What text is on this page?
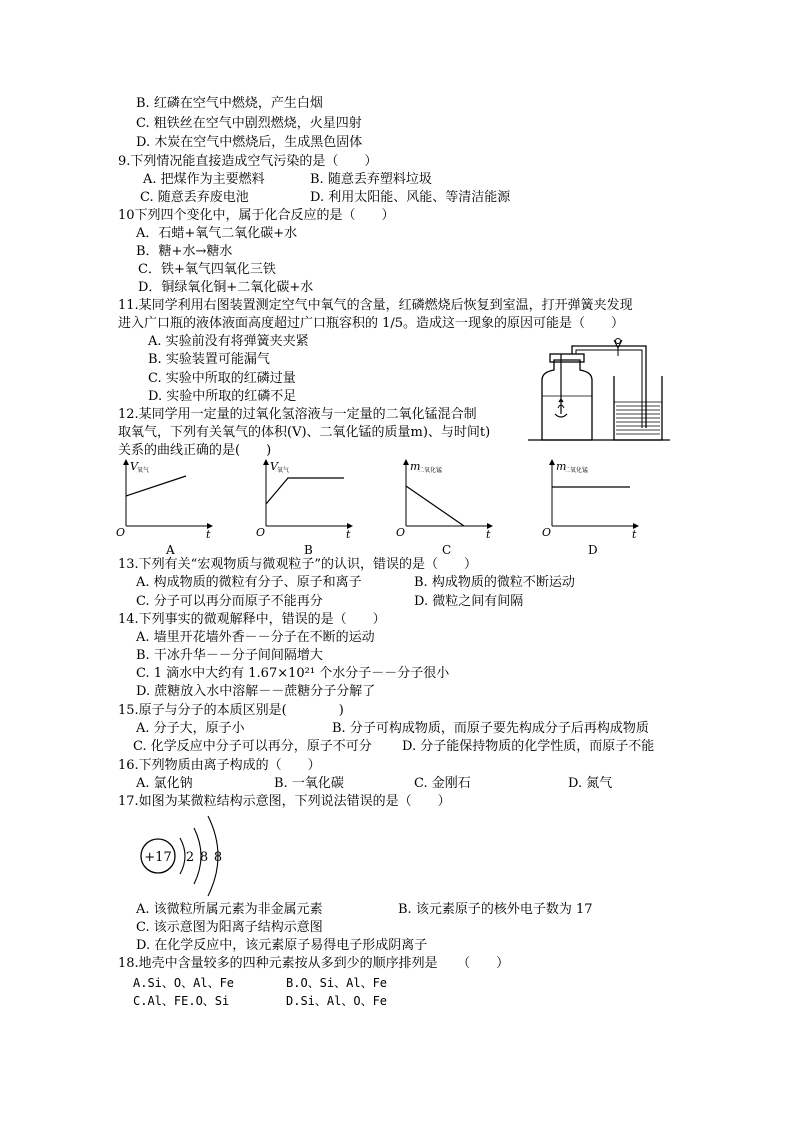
B. 红磷在空气中燃烧，产生白烟
C. 粗铁丝在空气中剧烈燃烧，火星四射
D. 木炭在空气中燃烧后，生成黑色固体
9.下列情况能直接造成空气污染的是（　　）
A. 把煤作为主要燃料	B. 随意丢弃塑料垃圾
C. 随意丢弃废电池	D. 利用太阳能、风能、等清洁能源
10下列四个变化中，属于化合反应的是（　　）
A．石蜡+氧气二氧化碳+水
B．糖+水→糖水
C．铁+氧气四氧化三铁
D．铜绿氧化铜+二氧化碳+水
11.某同学利用右图装置测定空气中氧气的含量，红磷燃烧后恢复到室温，打开弹簧夹发现
进入广口瓶的液体液面高度超过广口瓶容积的 1/5。造成这一现象的原因可能是（　　）
A. 实验前没有将弹簧夹夹紧
B. 实验装置可能漏气
C. 实验中所取的红磷过量
D. 实验中所取的红磷不足
12.某同学用一定量的过氧化氢溶液与一定量的二氧化锰混合制
取氧气，下列有关氧气的体积(V)、二氧化锰的质量m)、与时间t)
关系的曲线正确的是(　　)
V 氧气
O	t
A
V 氧气
O	t
B
m
二氧化锰
O	t
C
m
二氧化锰
O	t
D
13.下列有关“宏观物质与微观粒子”的认识，错误的是（　　）
A. 构成物质的微粒有分子、原子和离子	B. 构成物质的微粒不断运动
C. 分子可以再分而原子不能再分	D. 微粒之间有间隔
14.下列事实的微观解释中，错误的是（　　）
A. 墙里开花墙外香－－分子在不断的运动
B. 干冰升华－－分子间间隔增大
C. 1 滴水中大约有 1.67×10²¹ 个水分子－－分子很小
D. 蔗糖放入水中溶解－－蔗糖分子分解了
15.原子与分子的本质区别是(　　　　)
A. 分子大，原子小	B. 分子可构成物质，而原子要先构成分子后再构成物质
C. 化学反应中分子可以再分，原子不可分 D. 分子能保持物质的化学性质，而原子不能
16.下列物质由离子构成的（　　）
A. 氯化钠	B. 一氧化碳	C. 金刚石	D. 氮气
17.如图为某微粒结构示意图，下列说法错误的是（　　）
+17 2 8 8
A. 该微粒所属元素为非金属元素	B. 该元素原子的核外电子数为 17
C. 该示意图为阳离子结构示意图
D. 在化学反应中，该元素原子易得电子形成阴离子
18.地壳中含量较多的四种元素按从多到少的顺序排列是　　（　　）
A.Si、O、Al、Fe	B.O、Si、Al、Fe
C.Al、FE.O、Si	D.Si、Al、O、Fe
